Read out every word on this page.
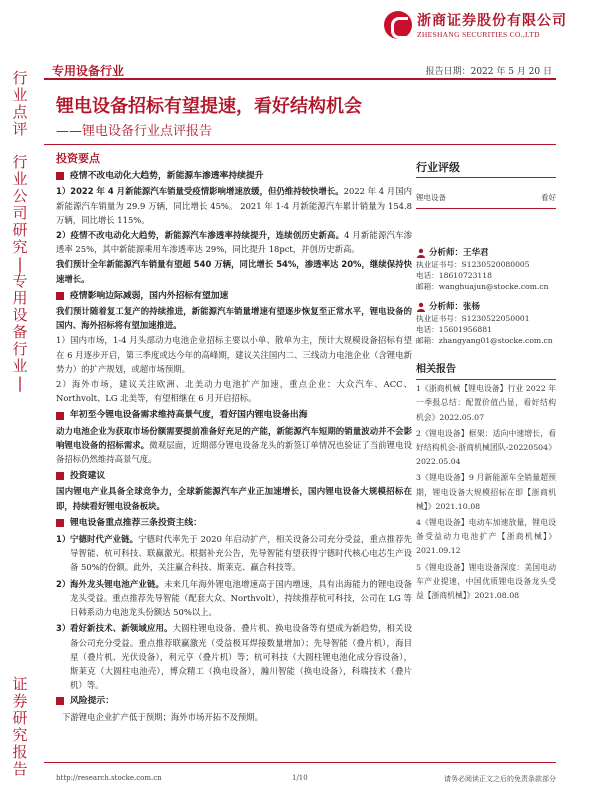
浙商证券股份有限公司
ZHESHANG SECURITIES CO.,LTD
行
业
点
评
行
业
公
司
研
究
|
专
用
设
备
行
业
|
证
券
研
究
报
告
专用设备行业	报告日期：2022 年 5 月 20 日
锂电设备招标有望提速，看好结构机会
——锂电设备行业点评报告
投资要点
疫情不改电动化大趋势，新能源车渗透率持续提升
1）2022 年 4 月新能源汽车销量受疫情影响增速放缓，但仍维持较快增长。2022 年 4 月国内新能源汽车销量为 29.9 万辆，同比增长 45%。 2021 年 1-4 月新能源汽车累计销量为 154.8 万辆，同比增长 115%。
2）疫情不改电动化大趋势，新能源汽车渗透率持续提升，连续创历史新高。4 月新能源汽车渗透率 25%，其中新能源乘用车渗透率达 29%，同比提升 18pct，并创历史新高。
我们预计全年新能源汽车销量有望超 540 万辆，同比增长 54%，渗透率达 20%，继续保持快速增长。
疫情影响边际减弱，国内外招标有望加速
我们预计随着复工复产的持续推进，新能源汽车销量增速有望逐步恢复至正常水平，锂电设备的国内、海外招标将有望加速推进。
1）国内市场，1-4 月头部动力电池企业招标主要以小单、散单为主，预计大规模设备招标有望在 6 月逐步开启，第三季度或达今年的高峰期，建议关注国内二、三线动力电池企业（含锂电新势力）的扩产规划，或超市场预期。
2）海外市场，建议关注欧洲、北美动力电池扩产加速，重点企业：大众汽车、ACC、Northvolt、LG 北美等，有望相继在 6 月开启招标。
年初至今锂电设备需求维持高景气度，看好国内锂电设备出海
动力电池企业为获取市场份额需要提前准备好充足的产能，新能源汽车短期的销量波动并不会影响锂电设备的招标需求。微观层面，近期部分锂电设备龙头的新签订单情况也验证了当前锂电设备招标仍然维持高景气度。
投资建议
国内锂电产业具备全球竞争力，全球新能源汽车产业正加速增长，国内锂电设备大规模招标在即，持续看好锂电设备板块。
锂电设备重点推荐三条投资主线：
1） 宁德时代产业链。宁德时代率先于 2020 年启动扩产，相关设备公司充分受益，重点推荐先导智能、杭可科技、联赢激光。根据补充公告，先导智能有望获得宁德时代核心电芯生产设备 50%的份额。此外，关注赢合科技、斯莱克、赢合科技等。
2） 海外龙头锂电池产业链。未来几年海外锂电池增速高于国内增速，具有出海能力的锂电设备龙头受益。重点推荐先导智能（配套大众、Northvolt），持续推荐杭可科技，公司在 LG 等日韩系动力电池龙头份额达 50%以上。
3） 看好新技术、新领域应用。大圆柱锂电设备、叠片机、换电设备等有望成为新趋势，相关设备公司充分受益。重点推荐联赢激光（受益极耳焊接数量增加）；先导智能（叠片机），海目星（叠片机、光伏设备），利元亨（叠片机）等；杭可科技（大圆柱锂电池化成分容设备），斯莱克（大圆柱电池壳），博众精工（换电设备），瀚川智能（换电设备），科瑞技术（叠片机）等。
风险提示：
下游锂电企业扩产低于预期；海外市场开拓不及预期。
行业评级
锂电设备	看好
分析师：王华君
执业证书号：S1230520080005
电话：18610723118
邮箱：wanghuajun@stocke.com.cn
分析师：张杨
执业证书号：S1230522050001
电话：15601956881
邮箱：zhangyang01@stocke.com.cn
相关报告
1《浙商机械【锂电设备】行业 2022 年一季报总结：配置价值凸显，看好结构机会》2022.05.07
2《锂电设备】框架：适向中速增长，看好结构机会-浙商机械团队-20220504》2022.05.04
3《锂电设备】9 月新能源车全销量超预期，锂电设备大规模招标在即【浙商机械】》2021.10.08
4《锂电设备】电动车加速放量，锂电设备受益动力电池扩产【浙商机械】》2021.09.12
5《锂电设备】锂电设备深度：美国电动车产业提速，中国优质锂电设备龙头受益【浙商机械】》2021.08.08
http://research.stocke.com.cn	1/10	请务必阅读正文之后的免责条款部分
